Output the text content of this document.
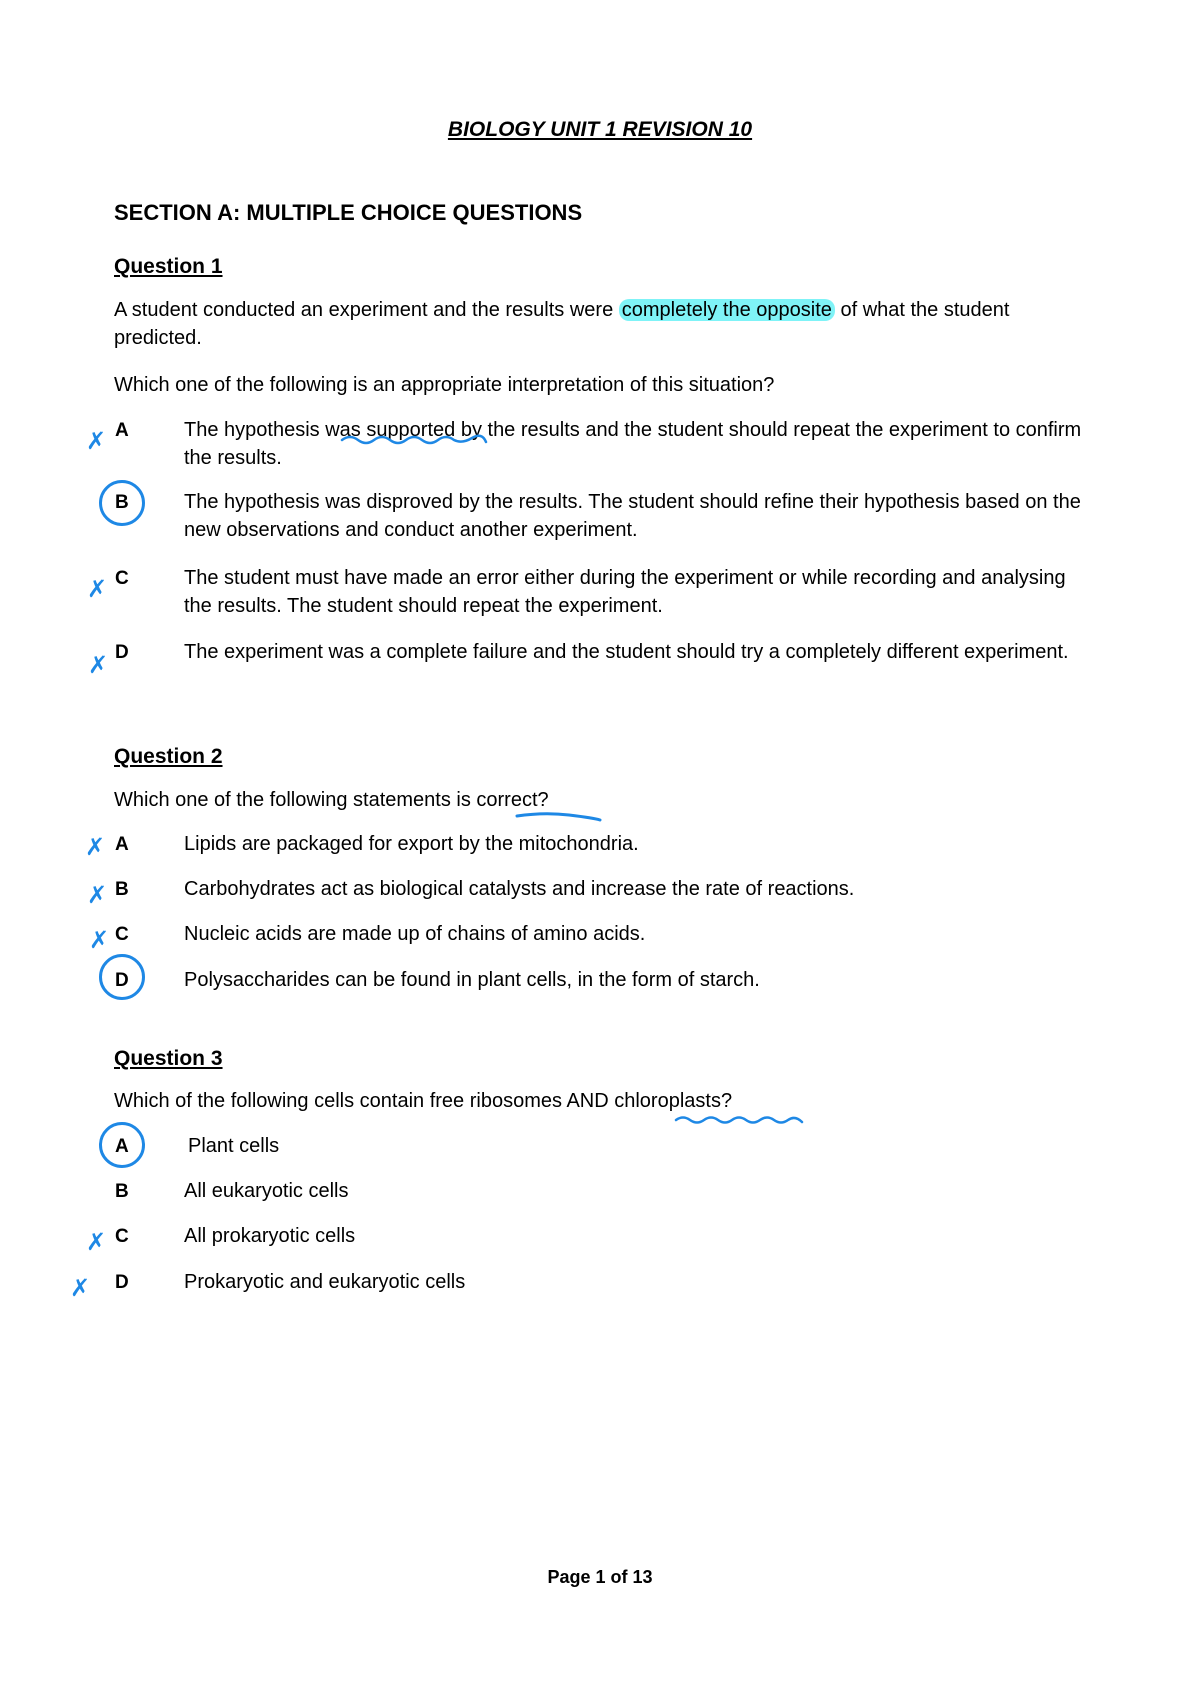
BIOLOGY UNIT 1 REVISION 10
SECTION A: MULTIPLE CHOICE QUESTIONS
Question 1
A student conducted an experiment and the results were completely the opposite of what the student predicted.
Which one of the following is an appropriate interpretation of this situation?
A	The hypothesis was supported by the results and the student should repeat the experiment to confirm the results.
B	The hypothesis was disproved by the results. The student should refine their hypothesis based on the new observations and conduct another experiment.
C	The student must have made an error either during the experiment or while recording and analysing the results. The student should repeat the experiment.
D	The experiment was a complete failure and the student should try a completely different experiment.
Question 2
Which one of the following statements is correct?
A	Lipids are packaged for export by the mitochondria.
B	Carbohydrates act as biological catalysts and increase the rate of reactions.
C	Nucleic acids are made up of chains of amino acids.
D	Polysaccharides can be found in plant cells, in the form of starch.
Question 3
Which of the following cells contain free ribosomes AND chloroplasts?
A	Plant cells
B	All eukaryotic cells
C	All prokaryotic cells
D	Prokaryotic and eukaryotic cells
✗
✗
✗
✗
✗
✗
✗
✗
Page 1 of 13
